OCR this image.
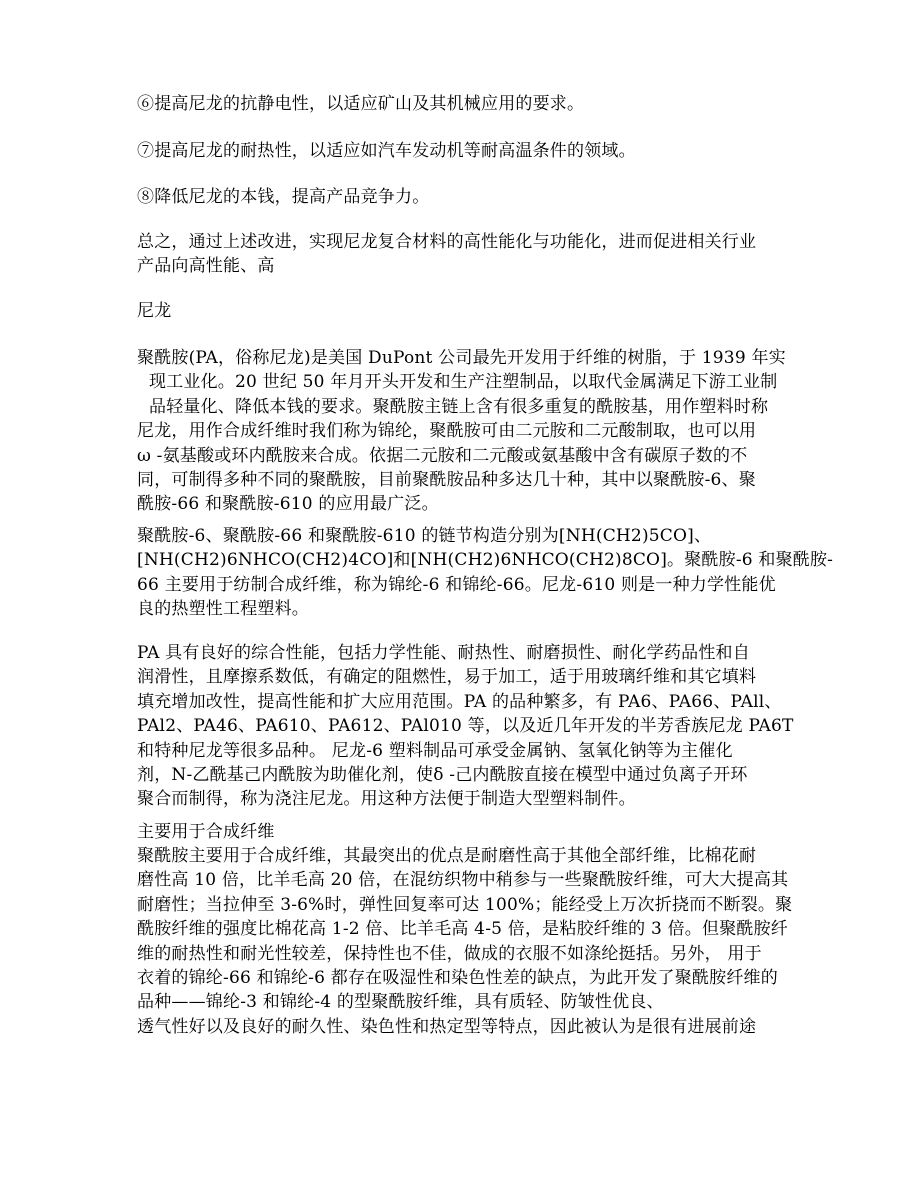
⑥提高尼龙的抗静电性，以适应矿山及其机械应用的要求。

⑦提高尼龙的耐热性，以适应如汽车发动机等耐高温条件的领域。

⑧降低尼龙的本钱，提高产品竞争力。

总之，通过上述改进，实现尼龙复合材料的高性能化与功能化，进而促进相关行业
产品向高性能、高

尼龙

聚酰胺(PA，俗称尼龙)是美国 DuPont 公司最先开发用于纤维的树脂，于 1939 年实
现工业化。20 世纪 50 年月开头开发和生产注塑制品，以取代金属满足下游工业制
品轻量化、降低本钱的要求。聚酰胺主链上含有很多重复的酰胺基，用作塑料时称
尼龙，用作合成纤维时我们称为锦纶，聚酰胺可由二元胺和二元酸制取，也可以用
ω -氨基酸或环内酰胺来合成。依据二元胺和二元酸或氨基酸中含有碳原子数的不
同，可制得多种不同的聚酰胺，目前聚酰胺品种多达几十种，其中以聚酰胺-6、聚
酰胺-66 和聚酰胺-610 的应用最广泛。

聚酰胺-6、聚酰胺-66 和聚酰胺-610 的链节构造分别为[NH(CH2)5CO]、
[NH(CH2)6NHCO(CH2)4CO]和[NH(CH2)6NHCO(CH2)8CO]。聚酰胺-6 和聚酰胺-
66 主要用于纺制合成纤维，称为锦纶-6 和锦纶-66。尼龙-610 则是一种力学性能优
良的热塑性工程塑料。

PA 具有良好的综合性能，包括力学性能、耐热性、耐磨损性、耐化学药品性和自
润滑性，且摩擦系数低，有确定的阻燃性，易于加工，适于用玻璃纤维和其它填料
填充增加改性，提高性能和扩大应用范围。PA 的品种繁多，有 PA6、PA66、PAll、
PAl2、PA46、PA610、PA612、PAl010 等，以及近几年开发的半芳香族尼龙 PA6T
和特种尼龙等很多品种。 尼龙-6 塑料制品可承受金属钠、氢氧化钠等为主催化
剂，N-乙酰基己内酰胺为助催化剂，使δ -己内酰胺直接在模型中通过负离子开环
聚合而制得，称为浇注尼龙。用这种方法便于制造大型塑料制件。

主要用于合成纤维

聚酰胺主要用于合成纤维，其最突出的优点是耐磨性高于其他全部纤维，比棉花耐
磨性高 10 倍，比羊毛高 20 倍，在混纺织物中稍参与一些聚酰胺纤维，可大大提高其
耐磨性；当拉伸至 3-6%时，弹性回复率可达 100%；能经受上万次折挠而不断裂。聚
酰胺纤维的强度比棉花高 1-2 倍、比羊毛高 4-5 倍，是粘胶纤维的 3 倍。但聚酰胺纤
维的耐热性和耐光性较差，保持性也不佳，做成的衣服不如涤纶挺括。另外， 用于
衣着的锦纶-66 和锦纶-6 都存在吸湿性和染色性差的缺点，为此开发了聚酰胺纤维的
品种——锦纶-3 和锦纶-4 的型聚酰胺纤维，具有质轻、防皱性优良、
透气性好以及良好的耐久性、染色性和热定型等特点，因此被认为是很有进展前途
